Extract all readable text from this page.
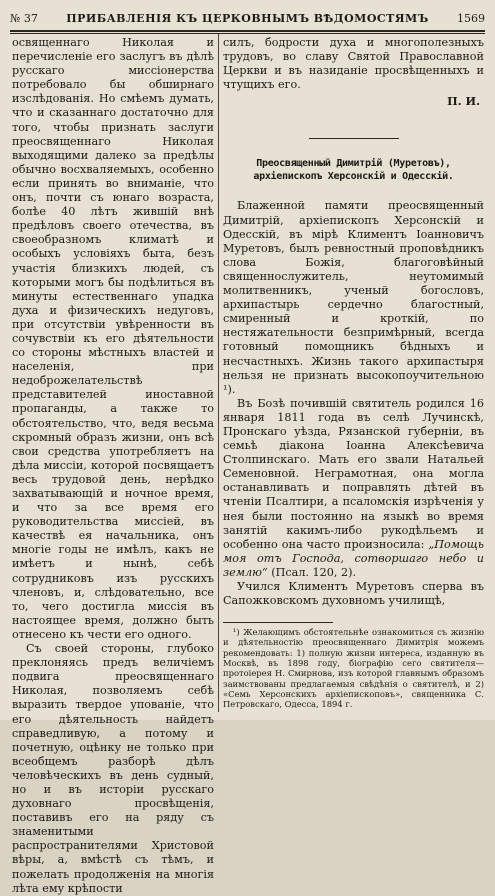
№ 37	ПРИБАВЛЕНІЯ КЪ ЦЕРКОВНЫМЪ ВѢДОМОСТЯМЪ	1569

освященнаго Николая и перечисленіе его заслугъ въ дѣлѣ русскаго миссіонерства потребовало бы обширнаго изслѣдованія. Но смѣемъ думать, что и сказаннаго достаточно для того, чтобы признать заслуги преосвященнаго Николая выходящими далеко за предѣлы обычно восхваляемыхъ, особенно если принять во вниманіе, что онъ, почти съ юнаго возраста, болѣе 40 лѣтъ жившій внѣ предѣловъ своего отечества, въ своеобразномъ климатѣ и особыхъ условіяхъ быта, безъ участія близкихъ людей, съ которыми могъ бы подѣлиться въ минуты естественнаго упадка духа и физическихъ недуговъ, при отсутствіи увѣренности въ сочувствіи къ его дѣятельности со стороны мѣстныхъ властей и населенія, при недоброжелательствѣ представителей иноставной пропаганды, а также то обстоятельство, что, ведя весьма скромный образъ жизни, онъ всѣ свои средства употребляетъ на дѣла миссіи, которой посвящаетъ весь трудовой день, нерѣдко захватывающій и ночное время, и что за все время его руководительства миссіей, въ качествѣ ея начальника, онъ многіе годы не имѣлъ, какъ не имѣетъ и нынѣ, себѣ сотрудниковъ изъ русскихъ членовъ, и, слѣдовательно, все то, чего достигла миссія въ настоящее время, должно быть отнесено къ чести его одного.

Съ своей стороны, глубоко преклоняясь предъ величіемъ подвига преосвященнаго Николая, позволяемъ себѣ выразить твердое упованіе, что его дѣятельность найдетъ справедливую, а потому и почетную, оцѣнку не только при всеобщемъ разборѣ дѣлъ человѣческихъ въ день судный, но и въ исторіи русскаго духовнаго просвѣщенія, поставивъ его на ряду съ знаменитыми распространителями Христовой вѣры, а, вмѣстѣ съ тѣмъ, и пожелать продолженія на многія лѣта ему крѣпости

силъ, бодрости духа и многополезныхъ трудовъ, во славу Святой Православной Церкви и въ назиданіе просвѣщенныхъ и чтущихъ его.

П. И.
Преосвященный Димитрій (Муретовъ), архіепископъ Херсонскій и Одесскій.

Блаженной памяти преосвященный Димитрій, архіепископъ Херсонскій и Одесскій, въ мірѣ Климентъ Іоанновичъ Муретовъ, былъ ревностный проповѣдникъ слова Божія, благоговѣйный священнослужитель, неутомимый молитвенникъ, ученый богословъ, архипастырь сердечно благостный, смиренный и кроткій, по нестяжательности безпримѣрный, всегда готовный помощникъ бѣдныхъ и несчастныхъ. Жизнь такого архипастыря нельзя не признать высокопоучительною ¹).

Въ Бозѣ почившій святитель родился 16 января 1811 года въ селѣ Лучинскѣ, Пронскаго уѣзда, Рязанской губерніи, въ семьѣ діакона Іоанна Алексѣевича Столпинскаго. Мать его звали Натальей Семеновной. Неграмотная, она могла останавливать и поправлять дѣтей въ чтеніи Псалтири, а псаломскія изрѣченія у нея были постоянно на языкѣ во время занятій какимъ-либо рукодѣльемъ и особенно она часто произносила: „Помощь моя отъ Господа, сотворшаго небо и землю“ (Псал. 120, 2).

Учился Климентъ Муретовъ сперва въ Сапожковскомъ духовномъ училищѣ,

¹) Желающимъ обстоятельнѣе ознакомиться съ жизнію и дѣятельностію преосвященнаго Димитрія можемъ рекомендовать: 1) полную жизни интереса, изданную въ Москвѣ, въ 1898 году, біографію сего святителя—протоіерея Н. Смирнова, изъ которой главнымъ образомъ заимствованы предлагаемыя свѣдѣнія о святителѣ, и 2) «Семь Херсонскихъ архіепископовъ», священника С. Петровскаго, Одесса, 1894 г.
